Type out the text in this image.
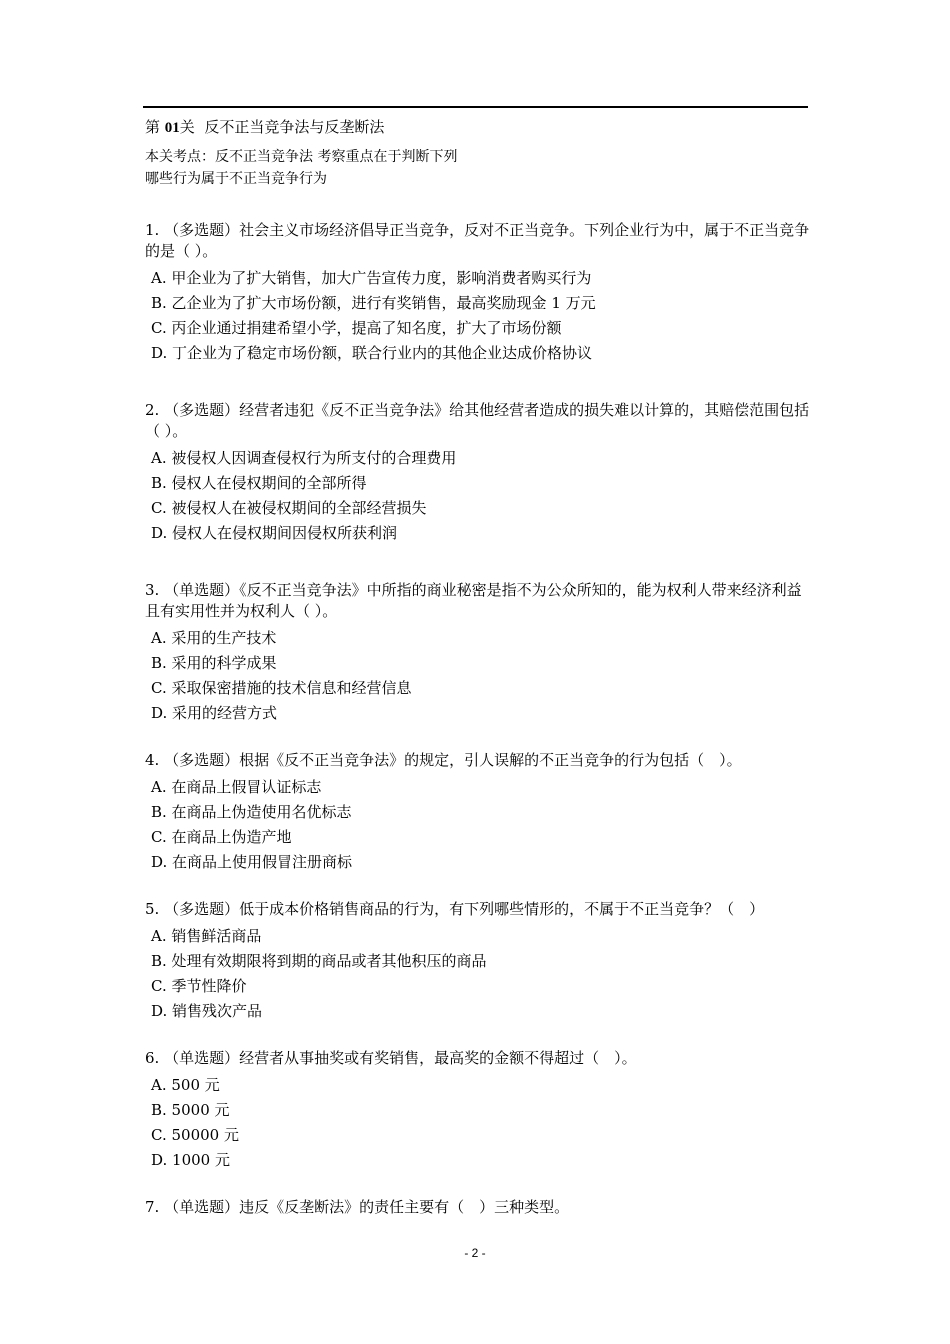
第 01关 反不正当竞争法与反垄断法
本关考点：反不正当竞争法 考察重点在于判断下列
哪些行为属于不正当竞争行为
1. （多选题）社会主义市场经济倡导正当竞争，反对不正当竞争。下列企业行为中，属于不正当竞争的是（ ）。
A. 甲企业为了扩大销售，加大广告宣传力度，影响消费者购买行为
B. 乙企业为了扩大市场份额，进行有奖销售，最高奖励现金 1 万元
C. 丙企业通过捐建希望小学，提高了知名度，扩大了市场份额
D. 丁企业为了稳定市场份额，联合行业内的其他企业达成价格协议
2. （多选题）经营者违犯《反不正当竞争法》给其他经营者造成的损失难以计算的，其赔偿范围包括（ ）。
A. 被侵权人因调查侵权行为所支付的合理费用
B. 侵权人在侵权期间的全部所得
C. 被侵权人在被侵权期间的全部经营损失
D. 侵权人在侵权期间因侵权所获利润
3. （单选题）《反不正当竞争法》中所指的商业秘密是指不为公众所知的，能为权利人带来经济利益且有实用性并为权利人（ ）。
A. 采用的生产技术
B. 采用的科学成果
C. 采取保密措施的技术信息和经营信息
D. 采用的经营方式
4. （多选题）根据《反不正当竞争法》的规定，引人误解的不正当竞争的行为包括（　）。
A. 在商品上假冒认证标志
B. 在商品上伪造使用名优标志
C. 在商品上伪造产地
D. 在商品上使用假冒注册商标
5. （多选题）低于成本价格销售商品的行为，有下列哪些情形的，不属于不正当竞争？（　）
A. 销售鲜活商品
B. 处理有效期限将到期的商品或者其他积压的商品
C. 季节性降价
D. 销售残次产品
6. （单选题）经营者从事抽奖或有奖销售，最高奖的金额不得超过（　）。
A. 500 元
B. 5000 元
C. 50000 元
D. 1000 元
7. （单选题）违反《反垄断法》的责任主要有（　）三种类型。
- 2 -
